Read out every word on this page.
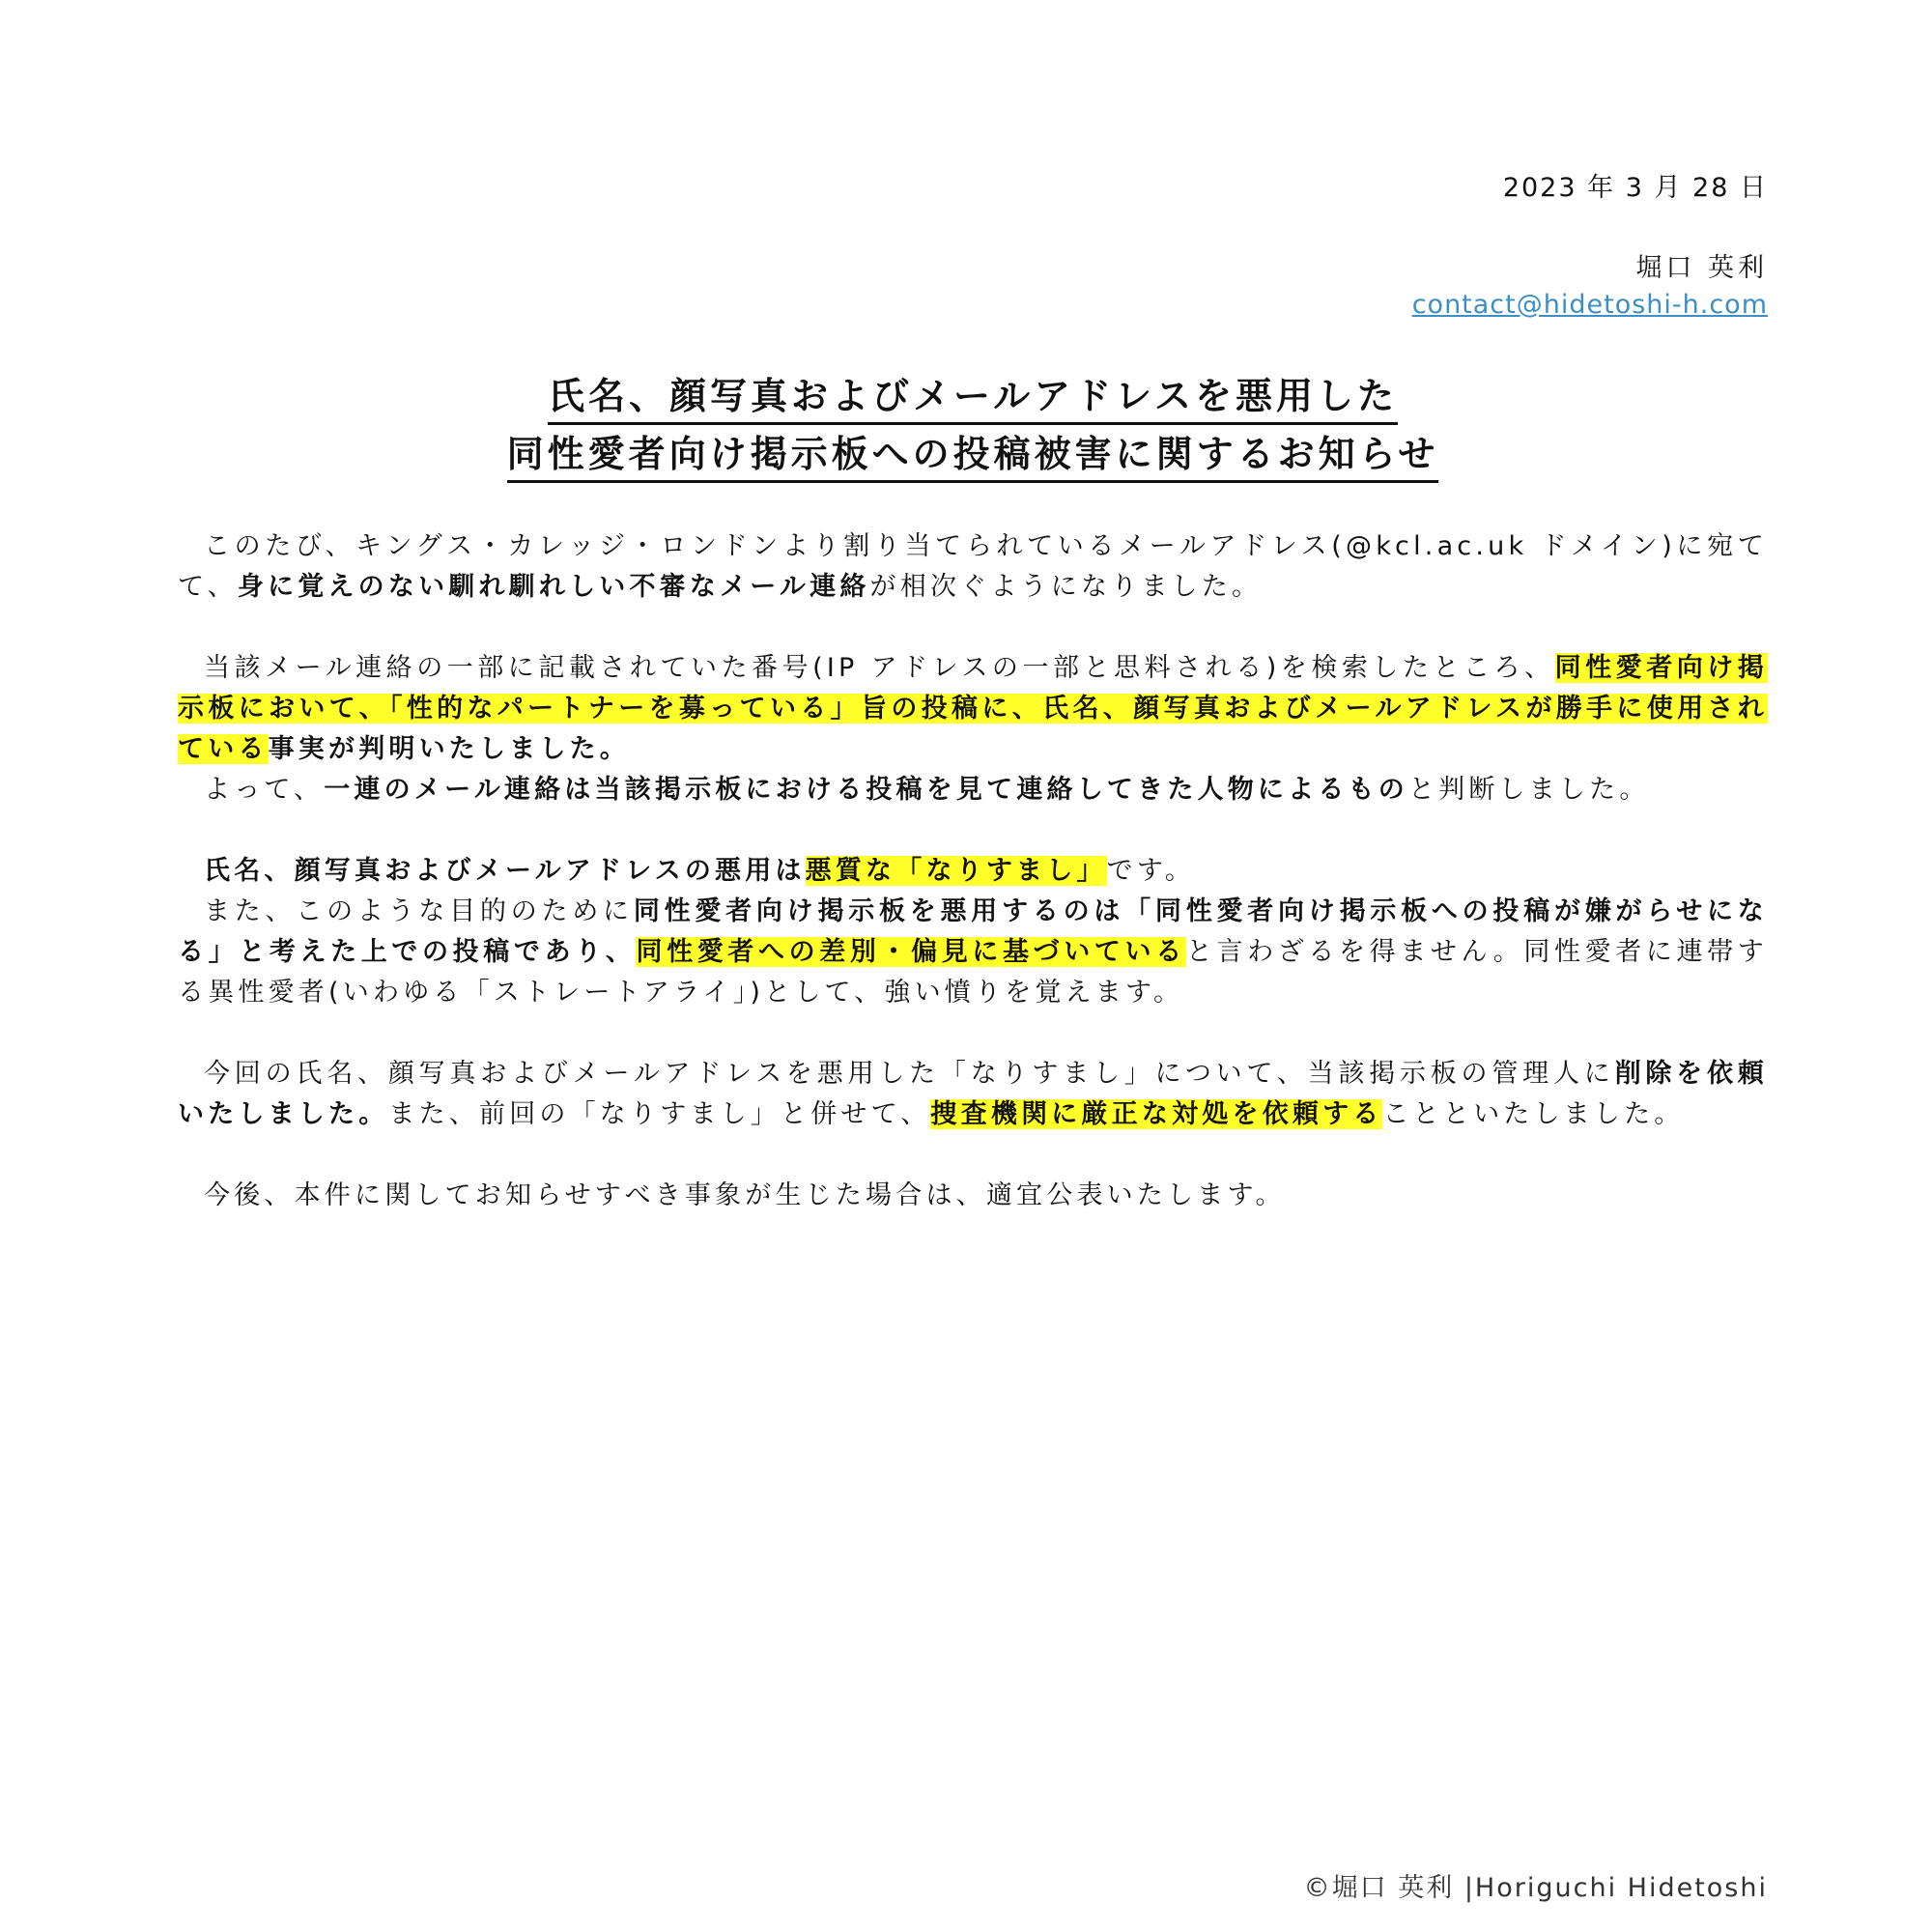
2023 年 3 月 28 日
堀口 英利
contact@hidetoshi-h.com
氏名、顔写真およびメールアドレスを悪用した
同性愛者向け掲示板への投稿被害に関するお知らせ

このたび、キングス・カレッジ・ロンドンより割り当てられているメールアドレス(@kcl.ac.uk ドメイン)に宛てて、身に覚えのない馴れ馴れしい不審なメール連絡が相次ぐようになりました。

当該メール連絡の一部に記載されていた番号(IP アドレスの一部と思料される)を検索したところ、同性愛者向け掲示板において、「性的なパートナーを募っている」旨の投稿に、氏名、顔写真およびメールアドレスが勝手に使用されている事実が判明いたしました。

よって、一連のメール連絡は当該掲示板における投稿を見て連絡してきた人物によるものと判断しました。

氏名、顔写真およびメールアドレスの悪用は悪質な「なりすまし」です。

また、このような目的のために同性愛者向け掲示板を悪用するのは「同性愛者向け掲示板への投稿が嫌がらせになる」と考えた上での投稿であり、同性愛者への差別・偏見に基づいていると言わざるを得ません。同性愛者に連帯する異性愛者(いわゆる「ストレートアライ」)として、強い憤りを覚えます。

今回の氏名、顔写真およびメールアドレスを悪用した「なりすまし」について、当該掲示板の管理人に削除を依頼いたしました。また、前回の「なりすまし」と併せて、捜査機関に厳正な対処を依頼することといたしました。

今後、本件に関してお知らせすべき事象が生じた場合は、適宜公表いたします。

©堀口 英利 |Horiguchi Hidetoshi
